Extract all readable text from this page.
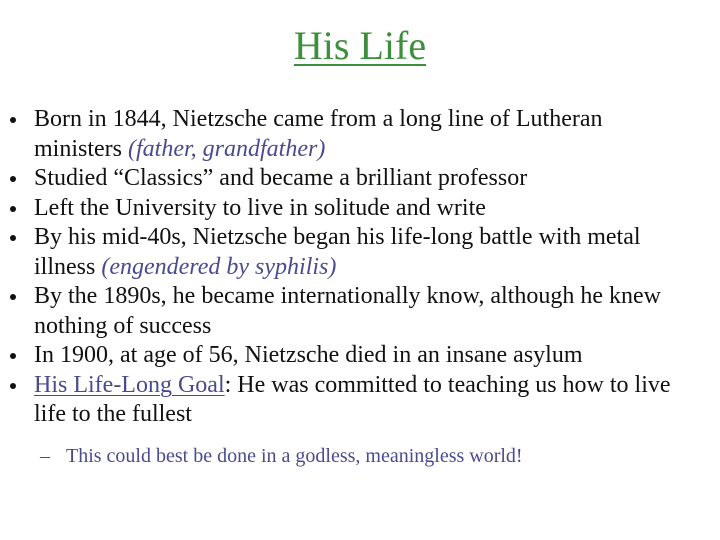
His Life
Born in 1844, Nietzsche came from a long line of Lutheran ministers (father, grandfather)
Studied “Classics” and became a brilliant professor
Left the University to live in solitude and write
By his mid-40s, Nietzsche began his life-long battle with metal illness (engendered by syphilis)
By the 1890s, he became internationally know, although he knew nothing of success
In 1900, at age of 56, Nietzsche died in an insane asylum
His Life-Long Goal: He was committed to teaching us how to live life to the fullest
– This could best be done in a godless, meaningless world!
